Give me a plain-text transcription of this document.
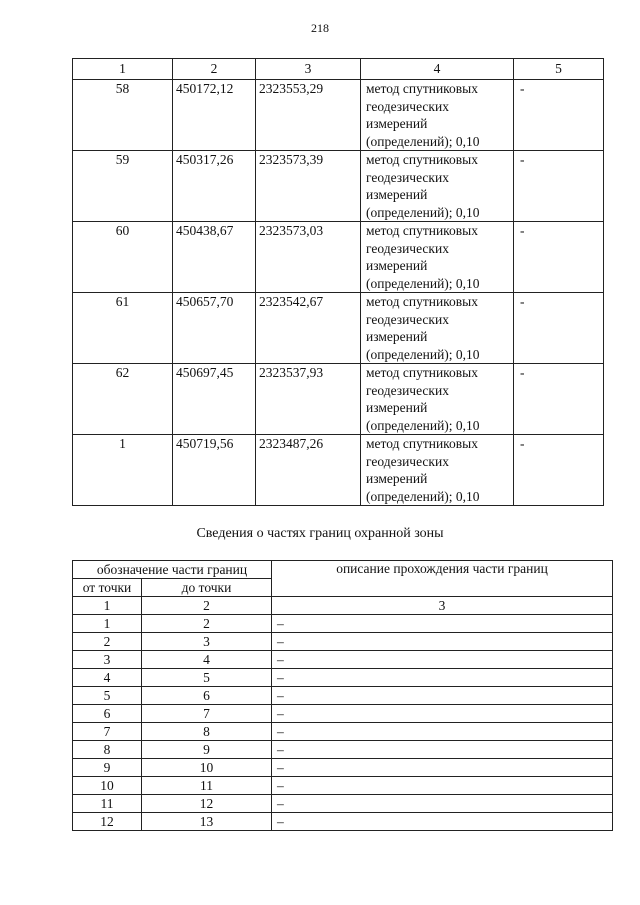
218
1	2	3	4	5
58	450172,12	2323553,29	метод спутниковых
геодезических
измерений
(определений); 0,10	-
59	450317,26	2323573,39	метод спутниковых
геодезических
измерений
(определений); 0,10	-
60	450438,67	2323573,03	метод спутниковых
геодезических
измерений
(определений); 0,10	-
61	450657,70	2323542,67	метод спутниковых
геодезических
измерений
(определений); 0,10	-
62	450697,45	2323537,93	метод спутниковых
геодезических
измерений
(определений); 0,10	-
1	450719,56	2323487,26	метод спутниковых
геодезических
измерений
(определений); 0,10	-
Сведения о частях границ охранной зоны
обозначение части границ		описание прохождения части границ
от точки	до точки	
1	2	3
1	2	–
2	3	–
3	4	–
4	5	–
5	6	–
6	7	–
7	8	–
8	9	–
9	10	–
10	11	–
11	12	–
12	13	–
